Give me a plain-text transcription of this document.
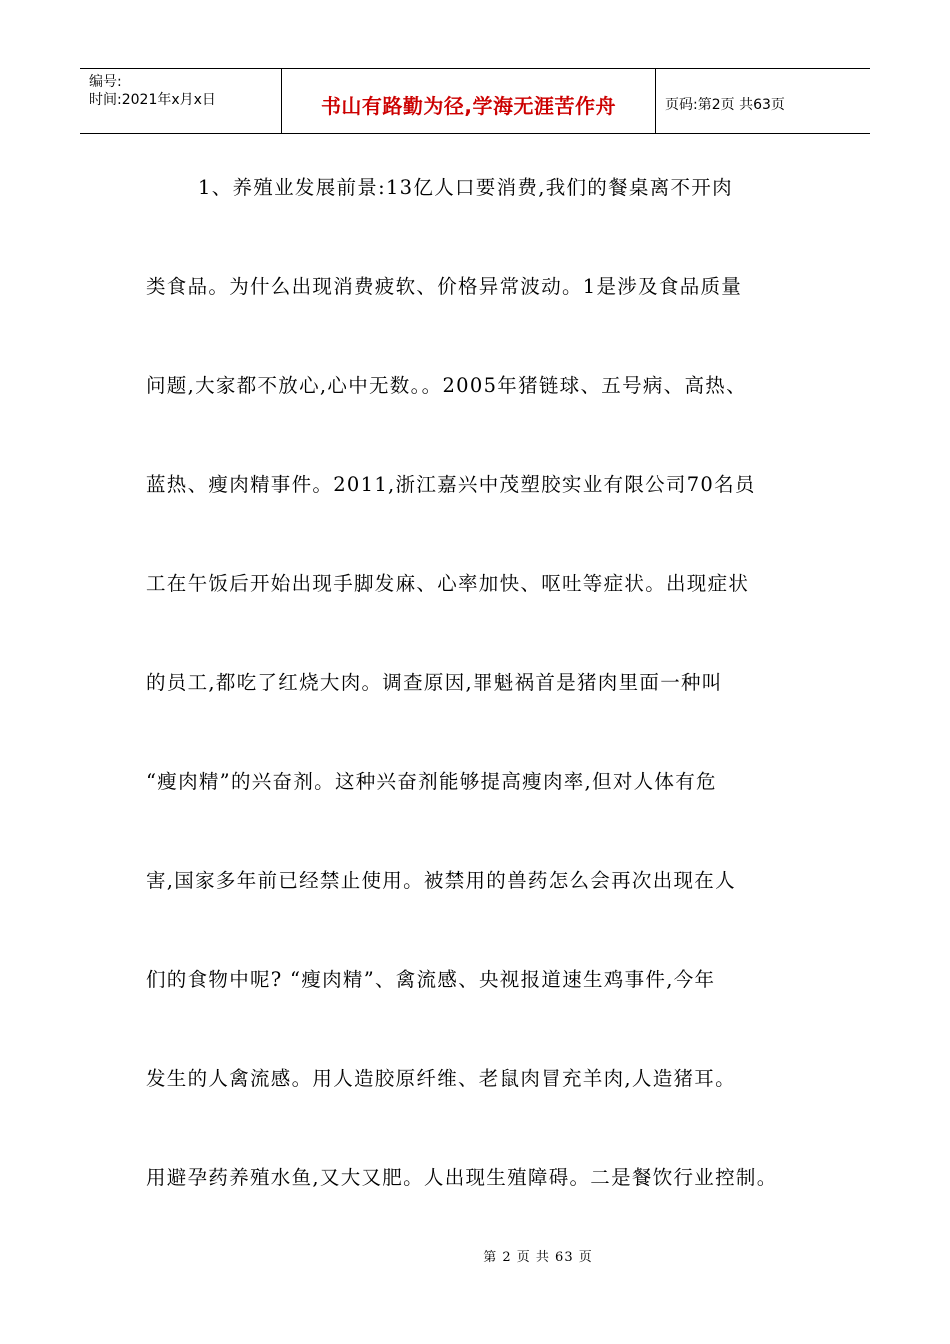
编号:
时间:2021年x月x日	书山有路勤为径,学海无涯苦作舟	页码:第2页 共63页
1、养殖业发展前景:13亿人口要消费,我们的餐桌离不开肉
类食品。为什么出现消费疲软、价格异常波动。1是涉及食品质量
问题,大家都不放心,心中无数。。2005年猪链球、五号病、高热、
蓝热、瘦肉精事件。2011,浙江嘉兴中茂塑胶实业有限公司70名员
工在午饭后开始出现手脚发麻、心率加快、呕吐等症状。出现症状
的员工,都吃了红烧大肉。调查原因,罪魁祸首是猪肉里面一种叫
“瘦肉精”的兴奋剂。这种兴奋剂能够提高瘦肉率,但对人体有危
害,国家多年前已经禁止使用。被禁用的兽药怎么会再次出现在人
们的食物中呢? “瘦肉精”、禽流感、央视报道速生鸡事件,今年
发生的人禽流感。用人造胶原纤维、老鼠肉冒充羊肉,人造猪耳。
用避孕药养殖水鱼,又大又肥。人出现生殖障碍。二是餐饮行业控制。
第 2 页 共 63 页
